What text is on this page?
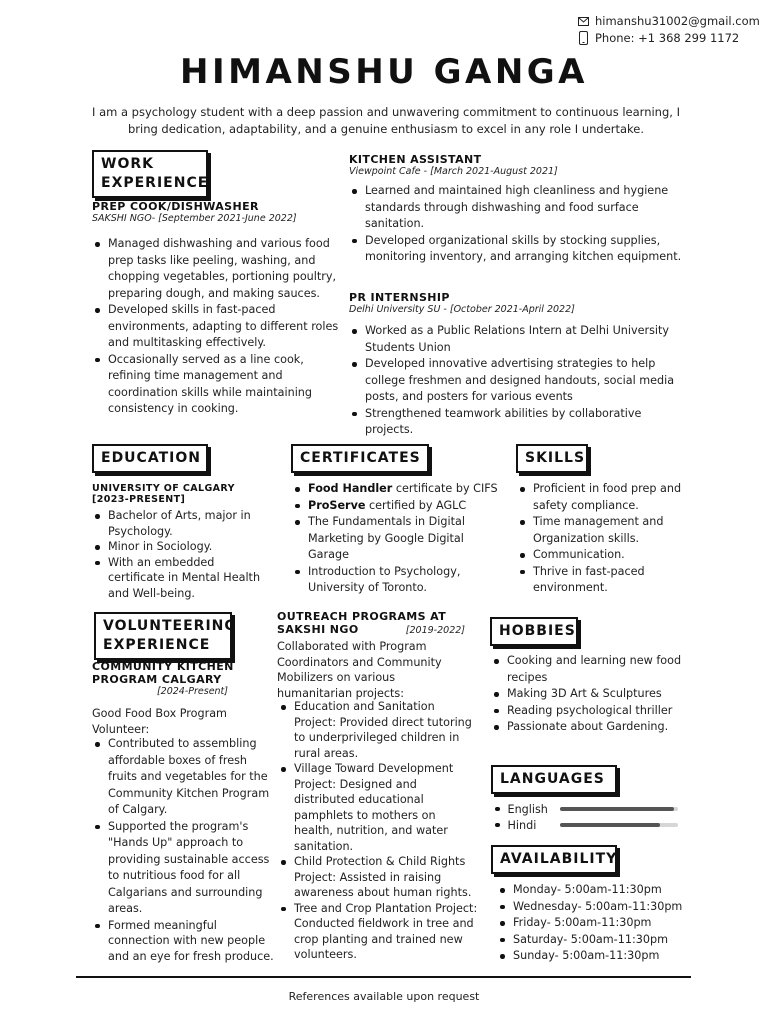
himanshu31002@gmail.com
Phone: +1 368 299 1172
HIMANSHU GANGA
I am a psychology student with a deep passion and unwavering commitment to continuous learning, I bring dedication, adaptability, and a genuine enthusiasm to excel in any role I undertake.
WORK
EXPERIENCE
PREP COOK/DISHWASHER
SAKSHI NGO- [September 2021-June 2022]
Managed dishwashing and various food prep tasks like peeling, washing, and chopping vegetables, portioning poultry, preparing dough, and making sauces.
Developed skills in fast-paced environments, adapting to different roles and multitasking effectively.
Occasionally served as a line cook, refining time management and coordination skills while maintaining consistency in cooking.
KITCHEN ASSISTANT
Viewpoint Cafe - [March 2021-August 2021]
Learned and maintained high cleanliness and hygiene standards through dishwashing and food surface sanitation.
Developed organizational skills by stocking supplies, monitoring inventory, and arranging kitchen equipment.
PR INTERNSHIP
Delhi University SU - [October 2021-April 2022]
Worked as a Public Relations Intern at Delhi University Students Union
Developed innovative advertising strategies to help college freshmen and designed handouts, social media posts, and posters for various events
Strengthened teamwork abilities by collaborative projects.
EDUCATION
UNIVERSITY OF CALGARY
[2023-PRESENT]
Bachelor of Arts, major in Psychology.
Minor in Sociology.
With an embedded certificate in Mental Health and Well-being.
CERTIFICATES
Food Handler certificate by CIFS
ProServe certified by AGLC
The Fundamentals in Digital Marketing by Google Digital Garage
Introduction to Psychology, University of Toronto.
SKILLS
Proficient in food prep and safety compliance.
Time management and Organization skills.
Communication.
Thrive in fast-paced environment.
VOLUNTEERING
EXPERIENCE
COMMUNITY KITCHEN
PROGRAM CALGARY
[2024-Present]
Good Food Box Program
Volunteer:
Contributed to assembling affordable boxes of fresh fruits and vegetables for the Community Kitchen Program of Calgary.
Supported the program's "Hands Up" approach to providing sustainable access to nutritious food for all Calgarians and surrounding areas.
Formed meaningful connection with new people and an eye for fresh produce.
OUTREACH PROGRAMS AT
SAKSHI NGO	[2019-2022]
Collaborated with Program Coordinators and Community Mobilizers on various humanitarian projects:
Education and Sanitation Project: Provided direct tutoring to underprivileged children in rural areas.
Village Toward Development Project: Designed and distributed educational pamphlets to mothers on health, nutrition, and water sanitation.
Child Protection & Child Rights Project: Assisted in raising awareness about human rights.
Tree and Crop Plantation Project: Conducted fieldwork in tree and crop planting and trained new volunteers.
HOBBIES
Cooking and learning new food recipes
Making 3D Art & Sculptures
Reading psychological thriller
Passionate about Gardening.
LANGUAGES
English
Hindi
AVAILABILITY
Monday- 5:00am-11:30pm
Wednesday- 5:00am-11:30pm
Friday- 5:00am-11:30pm
Saturday- 5:00am-11:30pm
Sunday- 5:00am-11:30pm
References available upon request
